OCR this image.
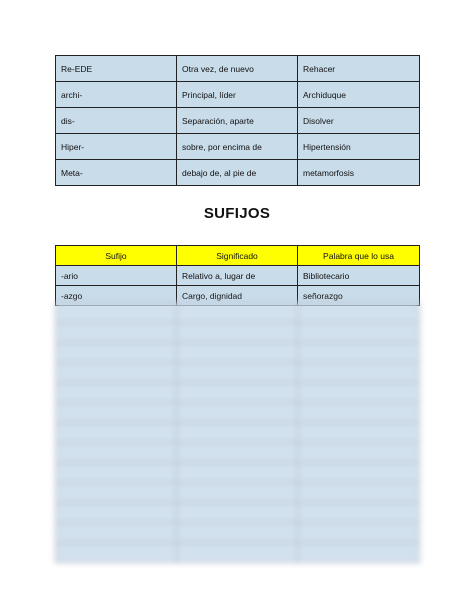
Re-EDE	Otra vez, de nuevo	Rehacer
archi-	Principal, líder	Archiduque
dis-	Separación, aparte	Disolver
Hiper-	sobre, por encima de	Hipertensión
Meta-	debajo de, al pie de	metamorfosis
SUFIJOS
Sufijo	Significado	Palabra que lo usa
-ario	Relativo a, lugar de	Bibliotecario
-azgo	Cargo, dignidad	señorazgo
